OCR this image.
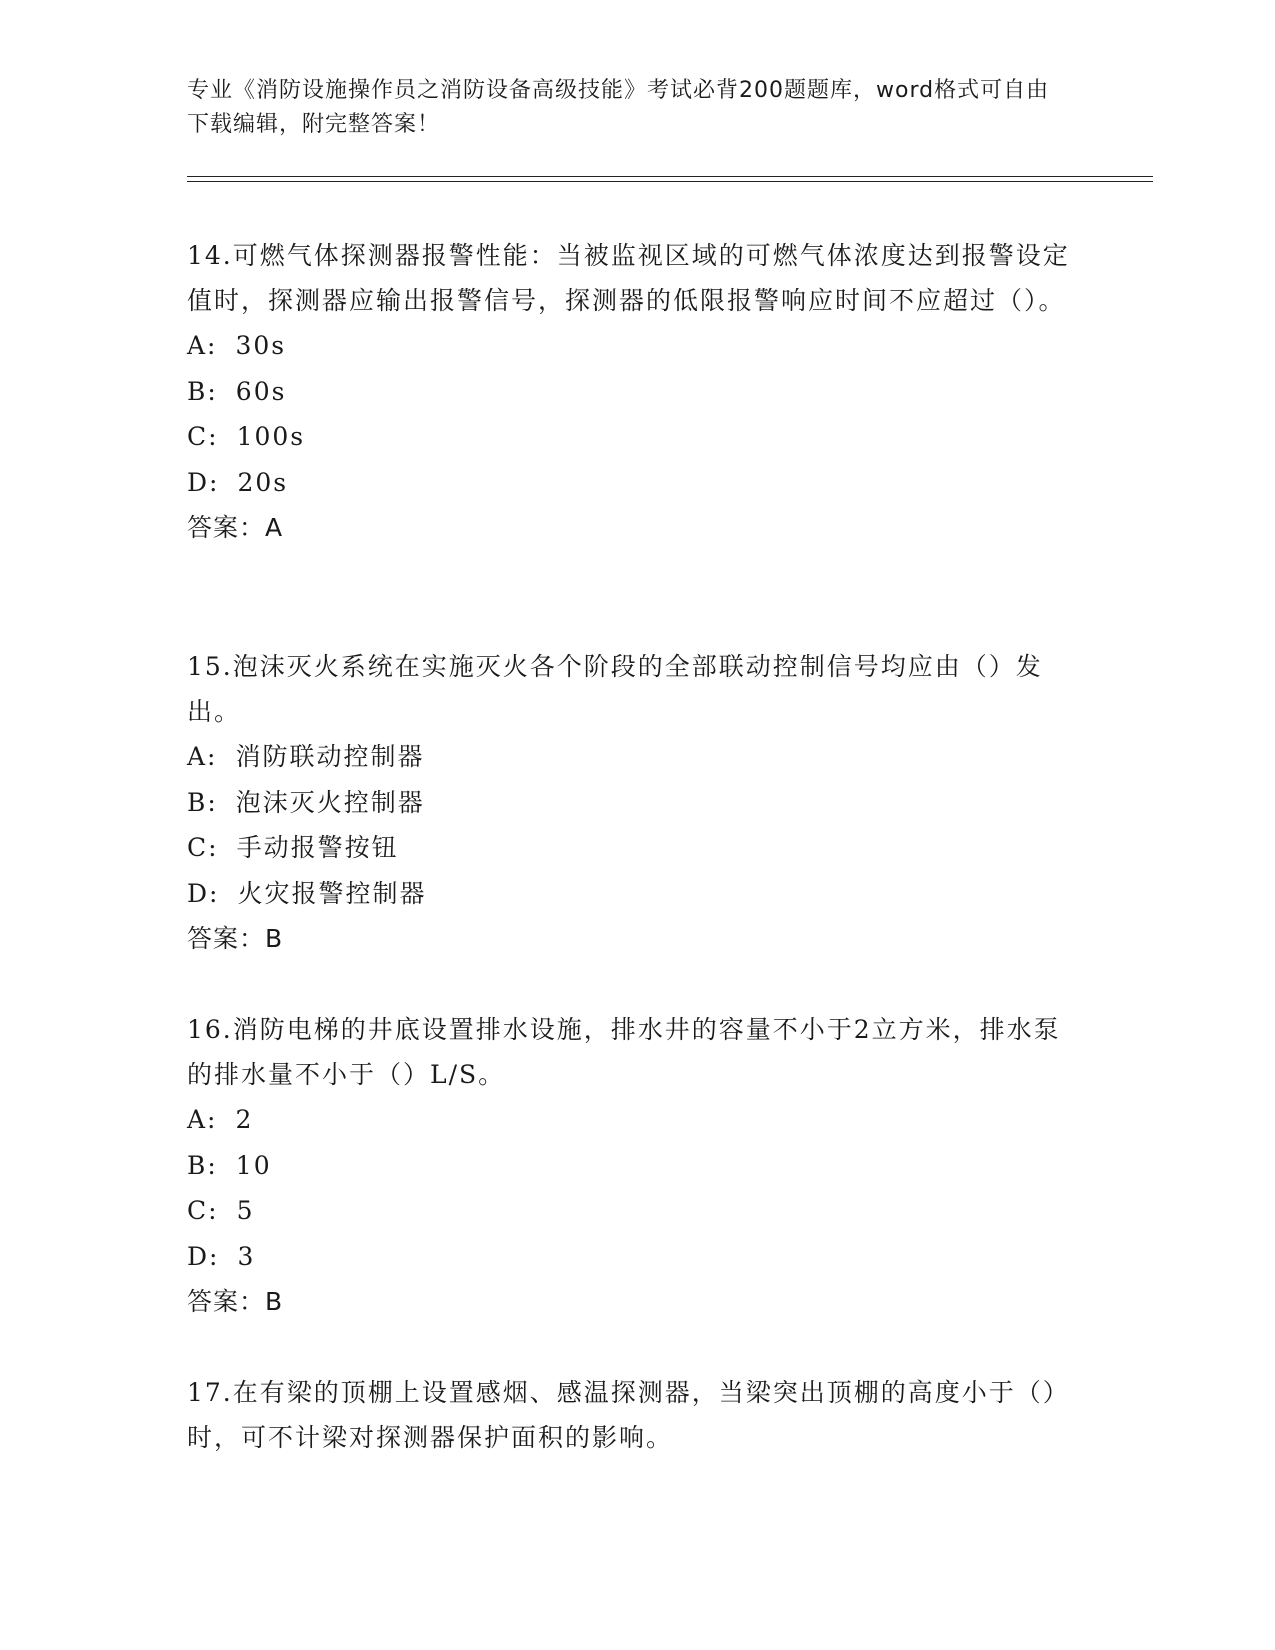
专业《消防设施操作员之消防设备高级技能》考试必背200题题库，word格式可自由下载编辑，附完整答案！

14.可燃气体探测器报警性能：当被监视区域的可燃气体浓度达到报警设定值时，探测器应输出报警信号，探测器的低限报警响应时间不应超过（）。

A: 30s
B: 60s
C: 100s
D: 20s
答案：A

15.泡沫灭火系统在实施灭火各个阶段的全部联动控制信号均应由（）发出。

A: 消防联动控制器
B: 泡沫灭火控制器
C: 手动报警按钮
D: 火灾报警控制器
答案：B

16.消防电梯的井底设置排水设施，排水井的容量不小于2立方米，排水泵的排水量不小于（）L/S。

A: 2
B: 10
C: 5
D: 3
答案：B

17.在有梁的顶棚上设置感烟、感温探测器，当梁突出顶棚的高度小于（）时，可不计梁对探测器保护面积的影响。
